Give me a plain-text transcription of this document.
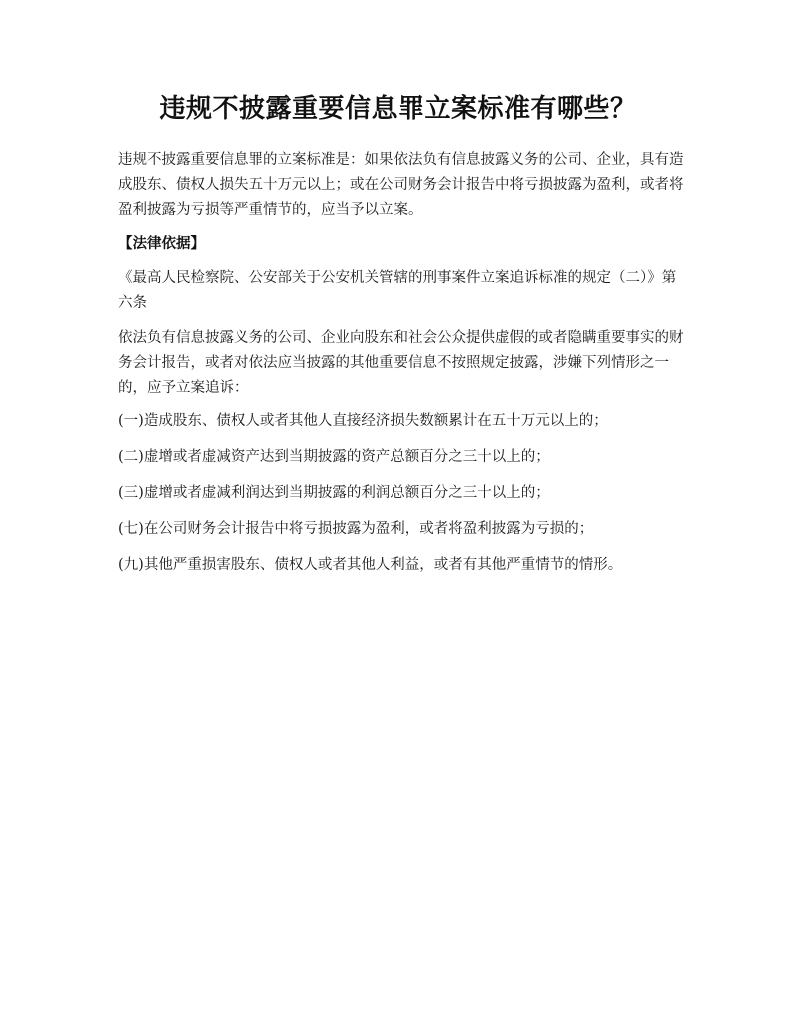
违规不披露重要信息罪立案标准有哪些？

违规不披露重要信息罪的立案标准是：如果依法负有信息披露义务的公司、企业，具有造成股东、债权人损失五十万元以上；或在公司财务会计报告中将亏损披露为盈利，或者将盈利披露为亏损等严重情节的，应当予以立案。

【法律依据】

《最高人民检察院、公安部关于公安机关管辖的刑事案件立案追诉标准的规定（二）》第六条

依法负有信息披露义务的公司、企业向股东和社会公众提供虚假的或者隐瞒重要事实的财务会计报告，或者对依法应当披露的其他重要信息不按照规定披露，涉嫌下列情形之一的，应予立案追诉：

(一)造成股东、债权人或者其他人直接经济损失数额累计在五十万元以上的；

(二)虚增或者虚减资产达到当期披露的资产总额百分之三十以上的；

(三)虚增或者虚减利润达到当期披露的利润总额百分之三十以上的；

(七)在公司财务会计报告中将亏损披露为盈利，或者将盈利披露为亏损的；

(九)其他严重损害股东、债权人或者其他人利益，或者有其他严重情节的情形。
